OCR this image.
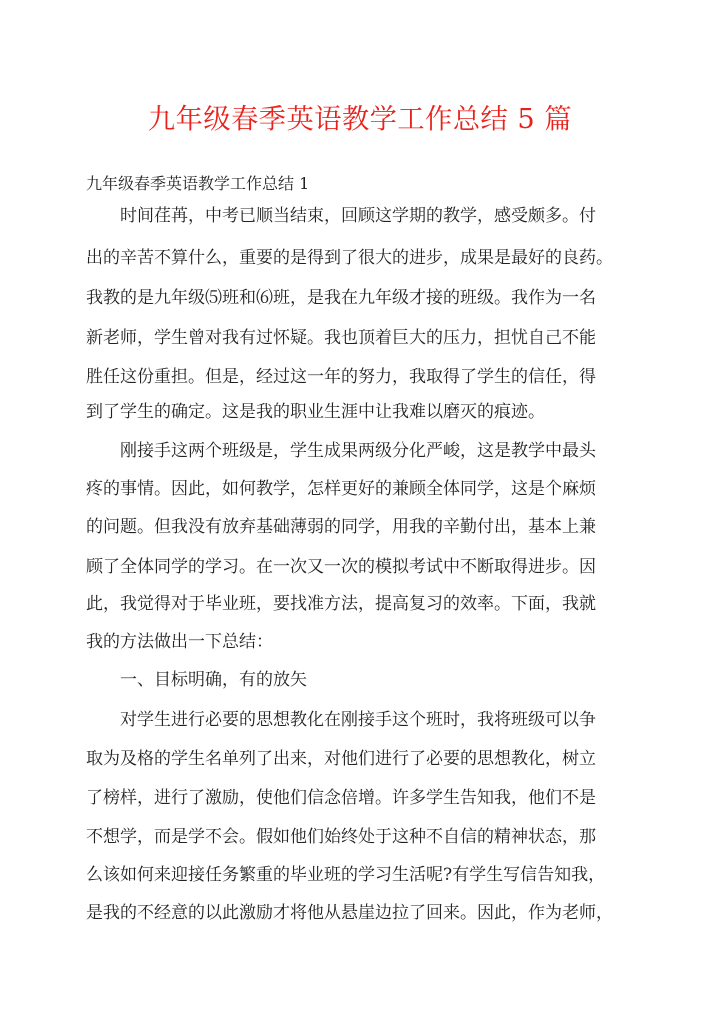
九年级春季英语教学工作总结 5 篇
九年级春季英语教学工作总结 1
　　时间荏苒，中考已顺当结束，回顾这学期的教学，感受颇多。付
出的辛苦不算什么，重要的是得到了很大的进步，成果是最好的良药。
我教的是九年级⑸班和⑹班，是我在九年级才接的班级。我作为一名
新老师，学生曾对我有过怀疑。我也顶着巨大的压力，担忧自己不能
胜任这份重担。但是，经过这一年的努力，我取得了学生的信任，得
到了学生的确定。这是我的职业生涯中让我难以磨灭的痕迹。
　　刚接手这两个班级是，学生成果两级分化严峻，这是教学中最头
疼的事情。因此，如何教学，怎样更好的兼顾全体同学，这是个麻烦
的问题。但我没有放弃基础薄弱的同学，用我的辛勤付出，基本上兼
顾了全体同学的学习。在一次又一次的模拟考试中不断取得进步。因
此，我觉得对于毕业班，要找准方法，提高复习的效率。下面，我就
我的方法做出一下总结：
　　一、目标明确，有的放矢
　　对学生进行必要的思想教化在刚接手这个班时，我将班级可以争
取为及格的学生名单列了出来，对他们进行了必要的思想教化，树立
了榜样，进行了激励，使他们信念倍增。许多学生告知我，他们不是
不想学，而是学不会。假如他们始终处于这种不自信的精神状态，那
么该如何来迎接任务繁重的毕业班的学习生活呢?有学生写信告知我，
是我的不经意的以此激励才将他从悬崖边拉了回来。因此，作为老师，
